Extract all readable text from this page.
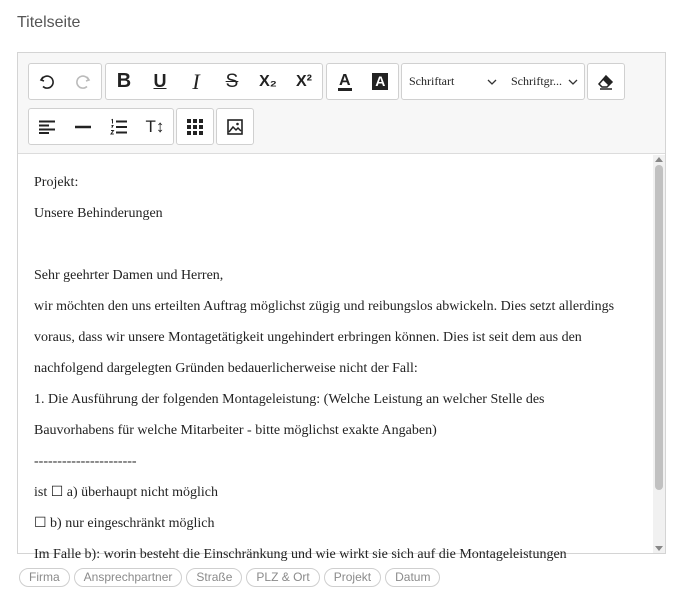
Titelseite
B	U	I	S	X₂	X²	A A Schriftart	Schriftgr...
T↕

Projekt:

Unsere Behinderungen

Sehr geehrter Damen und Herren,

wir möchten den uns erteilten Auftrag möglichst zügig und reibungslos abwickeln. Dies setzt allerdings

voraus, dass wir unsere Montagetätigkeit ungehindert erbringen können. Dies ist seit dem aus den

nachfolgend dargelegten Gründen bedauerlicherweise nicht der Fall:

1. Die Ausführung der folgenden Montageleistung: (Welche Leistung an welcher Stelle des

Bauvorhabens für welche Mitarbeiter - bitte möglichst exakte Angaben)

----------------------

ist ☐ a) überhaupt nicht möglich

☐ b) nur eingeschränkt möglich

Im Falle b): worin besteht die Einschränkung und wie wirkt sie sich auf die Montageleistungen

Firma	Ansprechpartner	Straße	PLZ & Ort	Projekt	Datum
